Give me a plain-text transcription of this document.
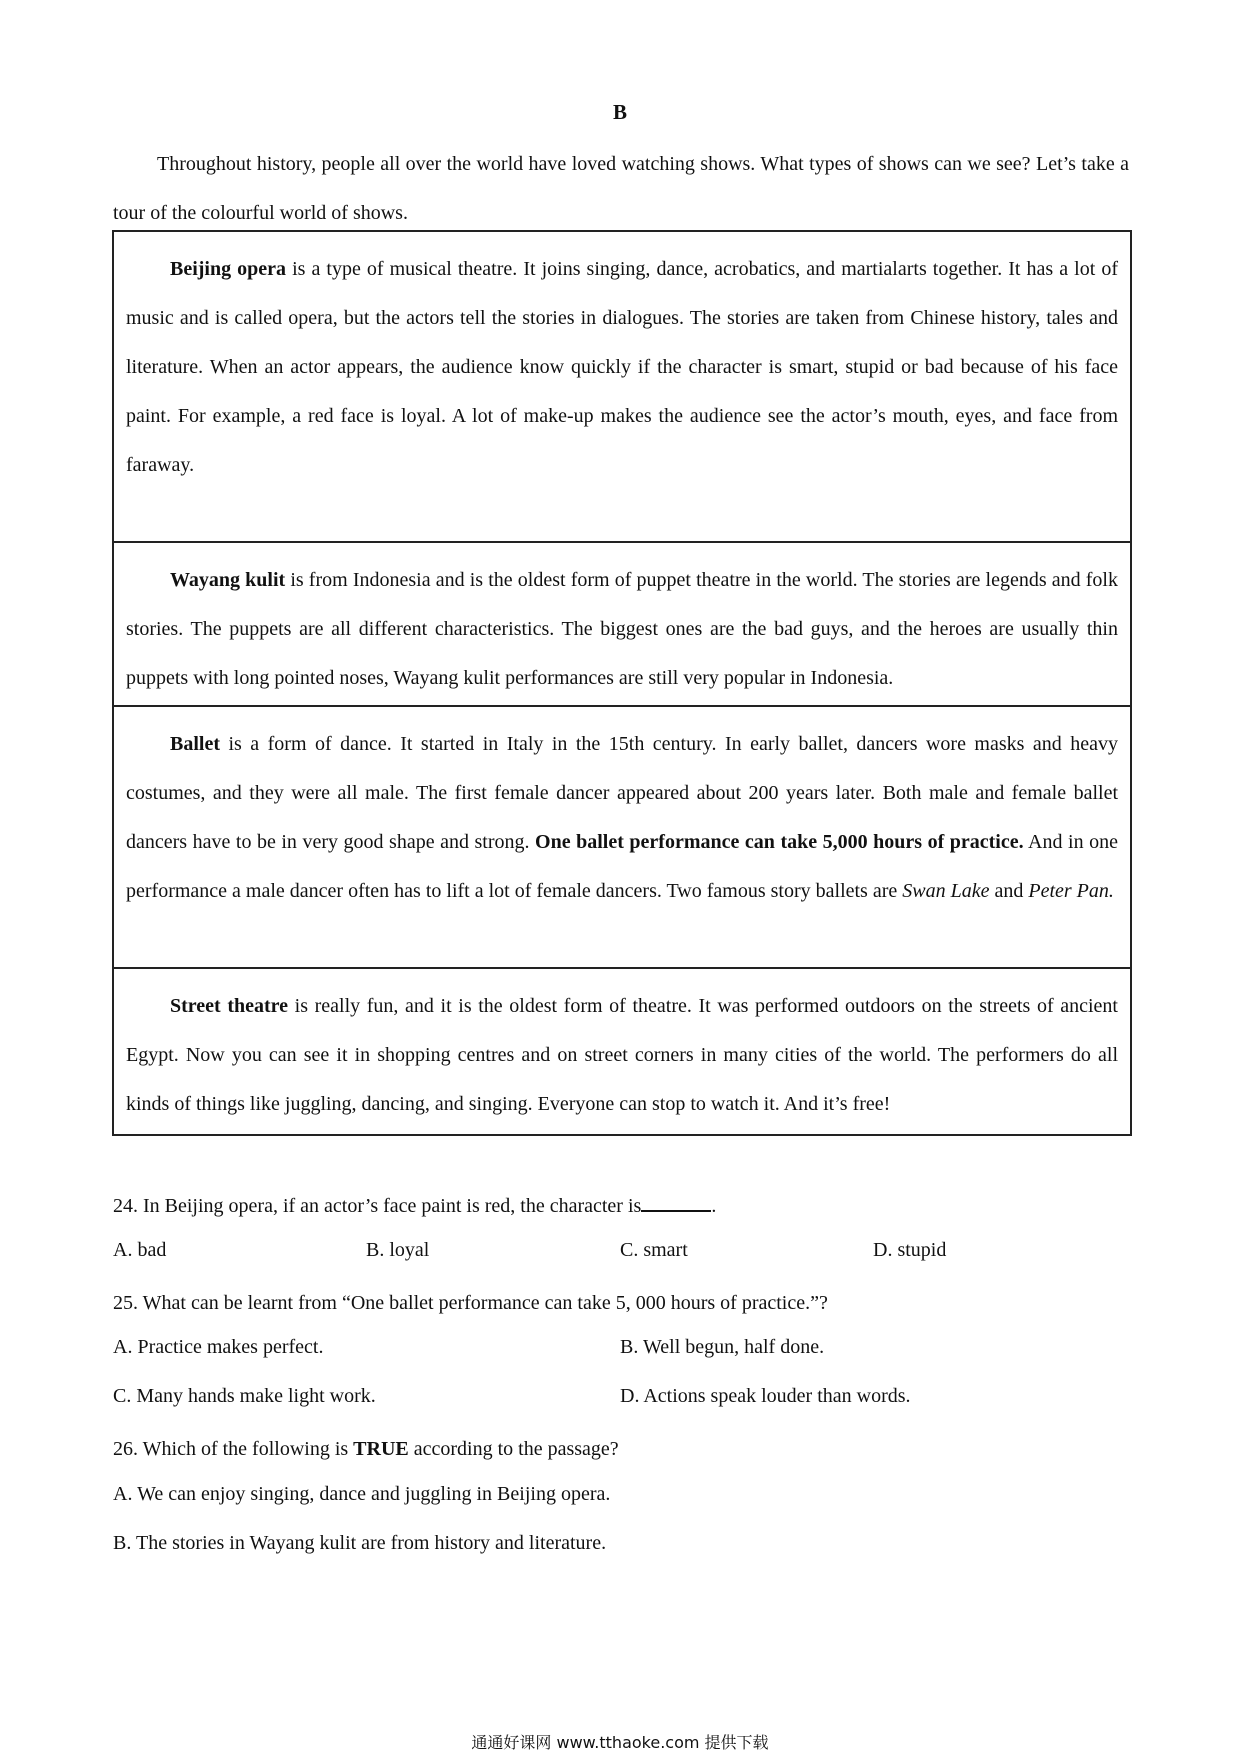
B
Throughout history, people all over the world have loved watching shows. What types of shows can we see? Let’s take a tour of the colourful world of shows.
Beijing opera is a type of musical theatre. It joins singing, dance, acrobatics, and martialarts together. It has a lot of music and is called opera, but the actors tell the stories in dialogues. The stories are taken from Chinese history, tales and literature. When an actor appears, the audience know quickly if the character is smart, stupid or bad because of his face paint. For example, a red face is loyal. A lot of make-up makes the audience see the actor’s mouth, eyes, and face from faraway.
Wayang kulit is from Indonesia and is the oldest form of puppet theatre in the world. The stories are legends and folk stories. The puppets are all different characteristics. The biggest ones are the bad guys, and the heroes are usually thin puppets with long pointed noses, Wayang kulit performances are still very popular in Indonesia.
Ballet is a form of dance. It started in Italy in the 15th century. In early ballet, dancers wore masks and heavy costumes, and they were all male. The first female dancer appeared about 200 years later. Both male and female ballet dancers have to be in very good shape and strong. One ballet performance can take 5,000 hours of practice. And in one performance a male dancer often has to lift a lot of female dancers. Two famous story ballets are Swan Lake and Peter Pan.
Street theatre is really fun, and it is the oldest form of theatre. It was performed outdoors on the streets of ancient Egypt. Now you can see it in shopping centres and on street corners in many cities of the world. The performers do all kinds of things like juggling, dancing, and singing. Everyone can stop to watch it. And it’s free!
24. In Beijing opera, if an actor’s face paint is red, the character is	.
A. bad	B. loyal	C. smart	D. stupid
25. What can be learnt from “One ballet performance can take 5, 000 hours of practice.”?
A. Practice makes perfect.	B. Well begun, half done.
C. Many hands make light work.	D. Actions speak louder than words.
26. Which of the following is TRUE according to the passage?
A. We can enjoy singing, dance and juggling in Beijing opera.
B. The stories in Wayang kulit are from history and literature.
通通好课网 www.tthaoke.com 提供下载
